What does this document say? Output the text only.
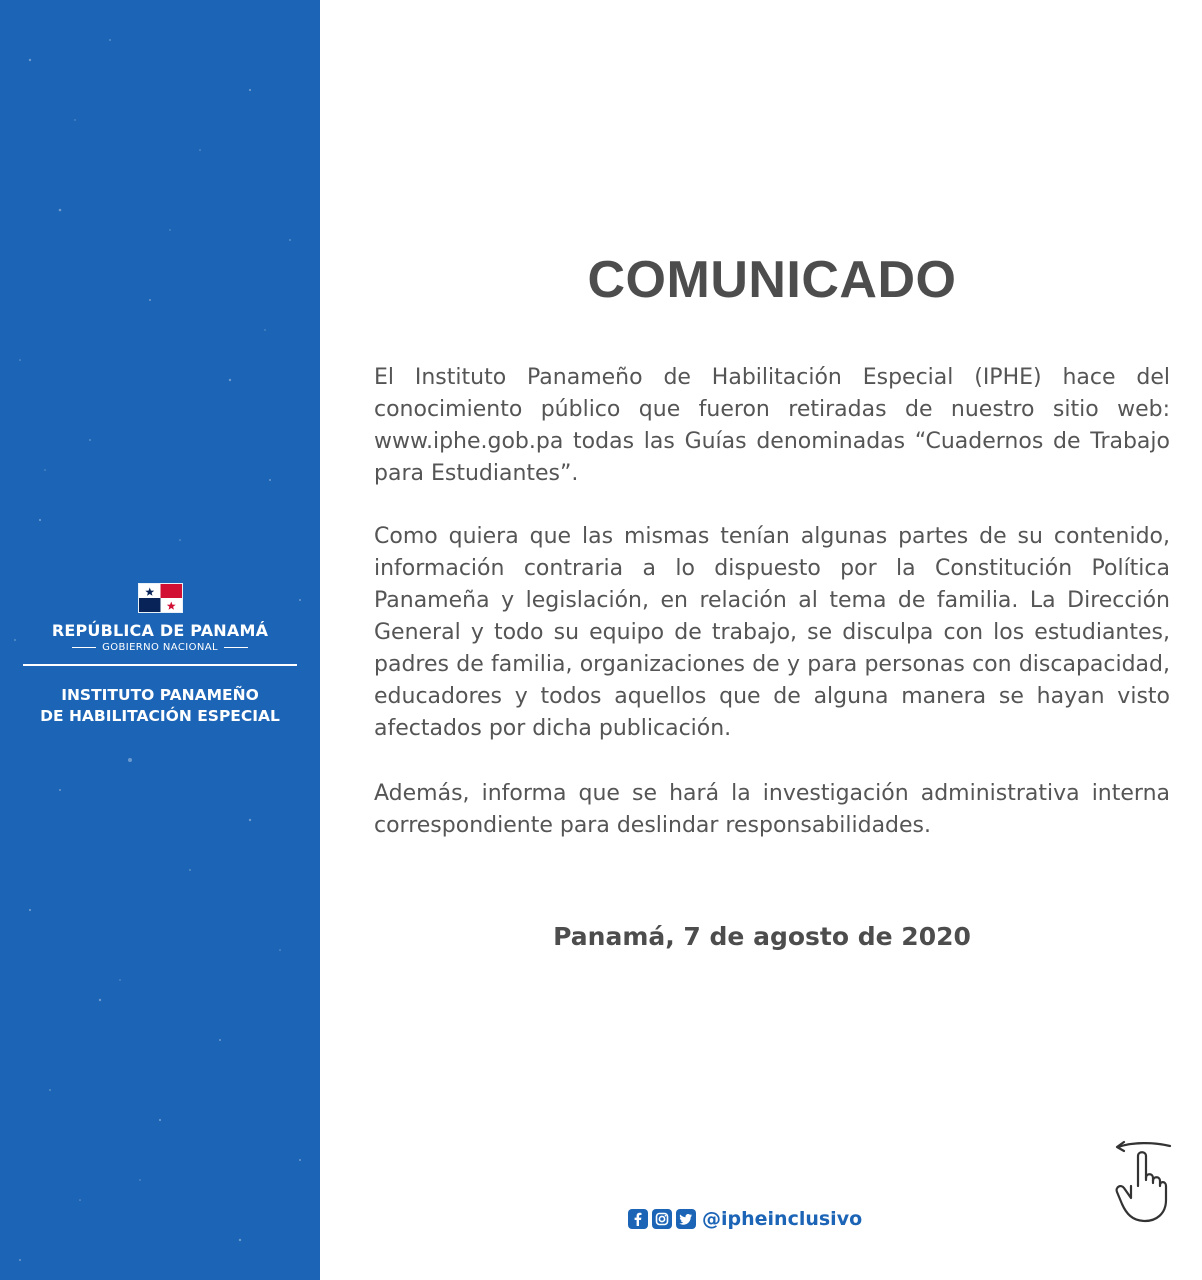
REPÚBLICA DE PANAMÁ
GOBIERNO NACIONAL
INSTITUTO PANAMEÑO
DE HABILITACIÓN ESPECIAL
COMUNICADO

El Instituto Panameño de Habilitación Especial (IPHE) hace del conocimiento público que fueron retiradas de nuestro sitio web: www.iphe.gob.pa todas las Guías denominadas “Cuadernos de Trabajo para Estudiantes”.

Como quiera que las mismas tenían algunas partes de su contenido, información contraria a lo dispuesto por la Constitución Política Panameña y legislación, en relación al tema de familia. La Dirección General y todo su equipo de trabajo, se disculpa con los estudiantes, padres de familia, organizaciones de y para personas con discapacidad, educadores y todos aquellos que de alguna manera se hayan visto afectados por dicha publicación.

Además, informa que se hará la investigación administrativa interna correspondiente para deslindar responsabilidades.

Panamá, 7 de agosto de 2020
@ipheinclusivo
